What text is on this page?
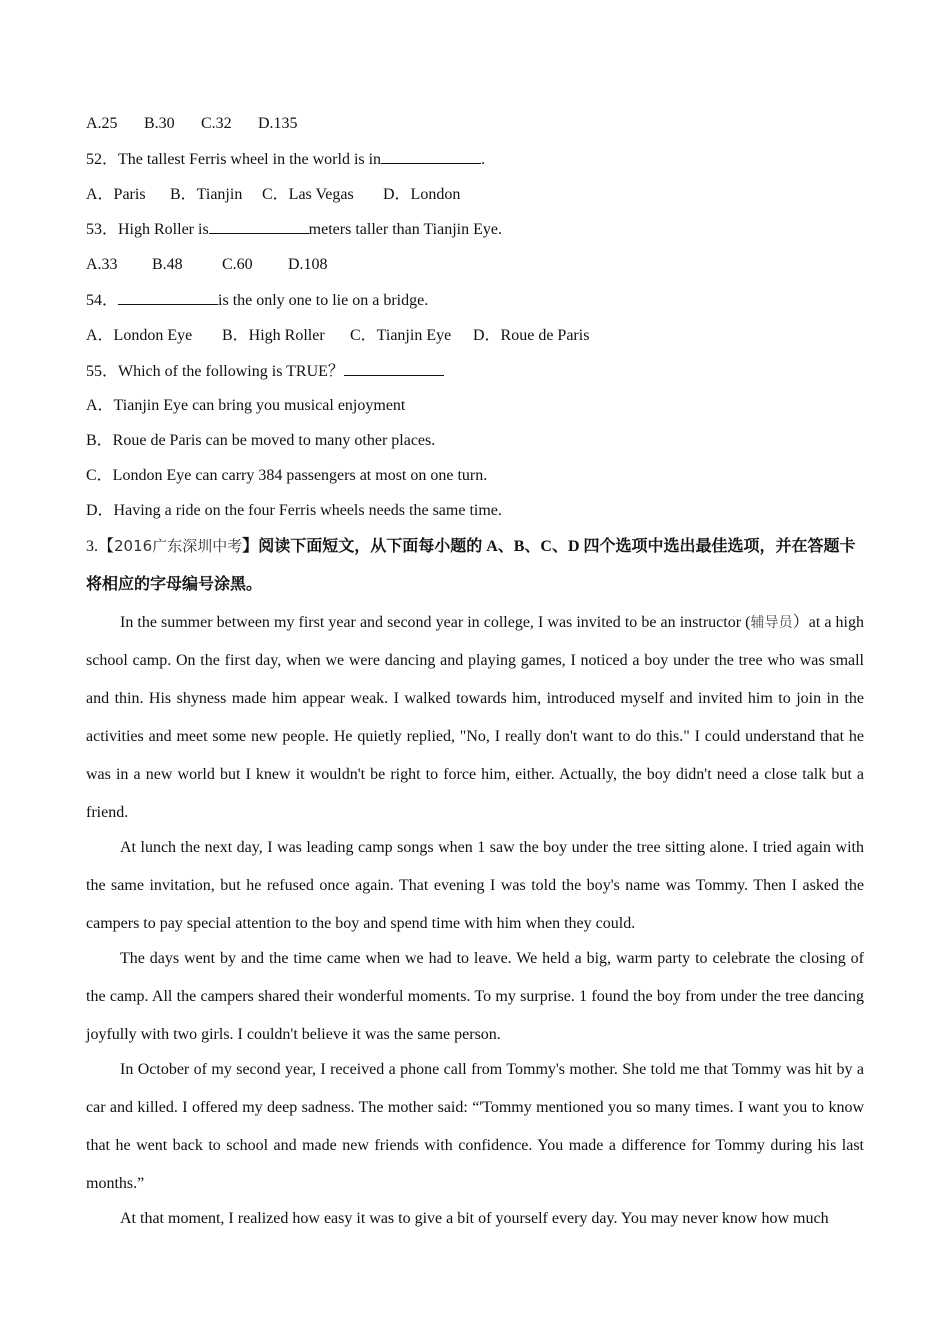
A.25 B.30 C.32 D.135
52．The tallest Ferris wheel in the world is in	.
A．Paris B．Tianjin C．Las Vegas D．London
53．High Roller is	meters taller than Tianjin Eye.
A.33 B.48 C.60 D.108
54．	is the only one to lie on a bridge.
A．London Eye B．High Roller C．Tianjin Eye D．Roue de Paris
55．Which of the following is TRUE？
A．Tianjin Eye can bring you musical enjoyment
B．Roue de Paris can be moved to many other places.
C．London Eye can carry 384 passengers at most on one turn.
D．Having a ride on the four Ferris wheels needs the same time.
3.【2016广东深圳中考】阅读下面短文，从下面每小题的 A、B、C、D 四个选项中选出最佳选项，并在答题卡 将相应的字母编号涂黑。
In the summer between my first year and second year in college, I was invited to be an instructor (辅导员）at a high school camp. On the first day, when we were dancing and playing games, I noticed a boy under the tree who was small and thin. His shyness made him appear weak. I walked towards him, introduced myself and invited him to join in the activities and meet some new people. He quietly replied, "No, I really don't want to do this." I could understand that he was in a new world but I knew it wouldn't be right to force him, either. Actually, the boy didn't need a close talk but a friend.
At lunch the next day, I was leading camp songs when 1 saw the boy under the tree sitting alone. I tried again with the same invitation, but he refused once again. That evening I was told the boy's name was Tommy. Then I asked the campers to pay special attention to the boy and spend time with him when they could.
The days went by and the time came when we had to leave. We held a big, warm party to celebrate the closing of the camp. All the campers shared their wonderful moments. To my surprise. 1 found the boy from under the tree dancing joyfully with two girls. I couldn't believe it was the same person.
In October of my second year, I received a phone call from Tommy's mother. She told me that Tommy was hit by a car and killed. I offered my deep sadness. The mother said: “'Tommy mentioned you so many times. I want you to know that he went back to school and made new friends with confidence. You made a difference for Tommy during his last months.”
At that moment, I realized how easy it was to give a bit of yourself every day. You may never know how much
